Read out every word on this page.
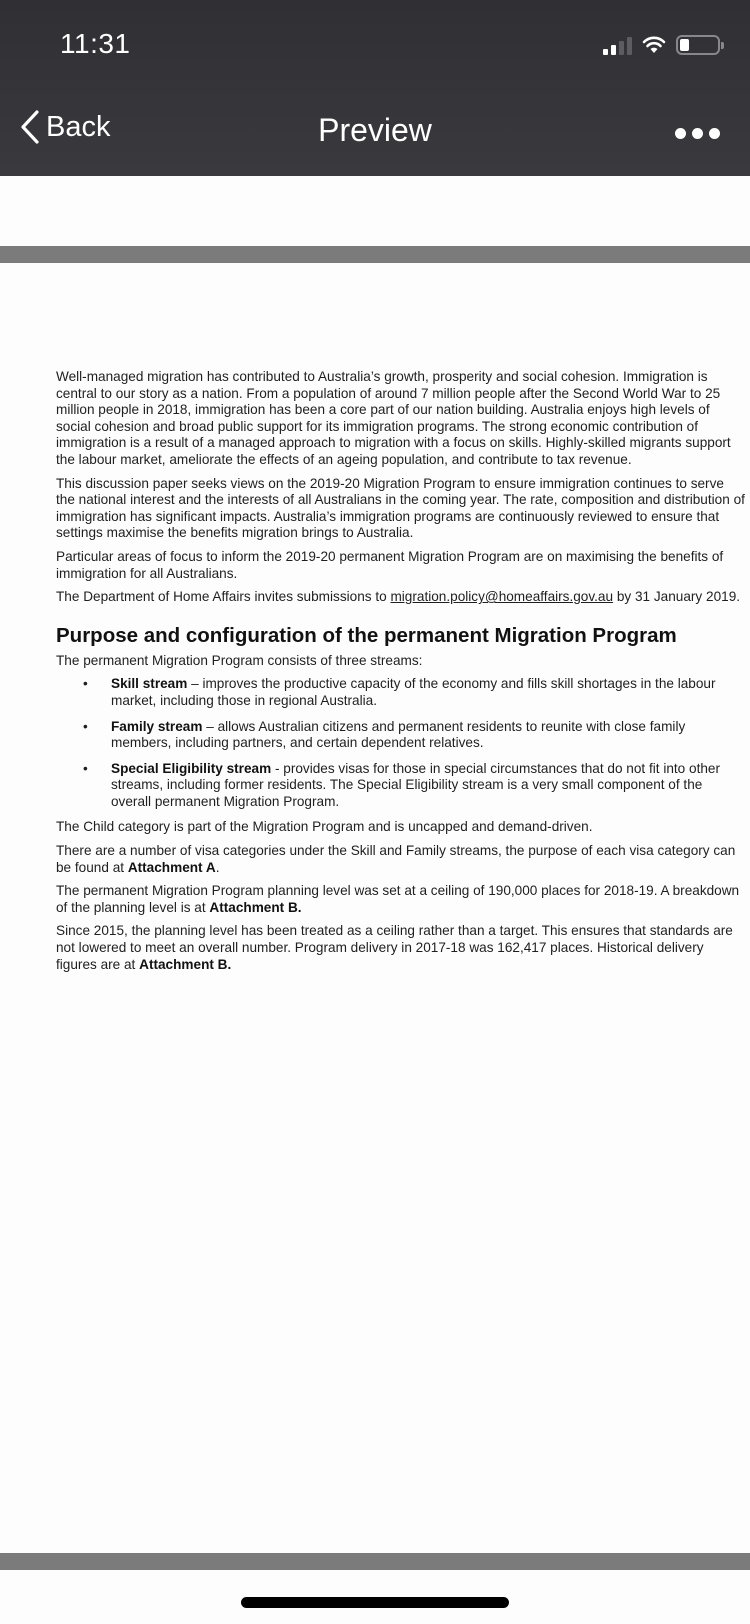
11:31
Back	Preview

Well-managed migration has contributed to Australia’s growth, prosperity and social cohesion. Immigration is central to our story as a nation. From a population of around 7 million people after the Second World War to 25 million people in 2018, immigration has been a core part of our nation building. Australia enjoys high levels of social cohesion and broad public support for its immigration programs. The strong economic contribution of immigration is a result of a managed approach to migration with a focus on skills. Highly-skilled migrants support the labour market, ameliorate the effects of an ageing population, and contribute to tax revenue.

This discussion paper seeks views on the 2019-20 Migration Program to ensure immigration continues to serve the national interest and the interests of all Australians in the coming year. The rate, composition and distribution of immigration has significant impacts. Australia’s immigration programs are continuously reviewed to ensure that settings maximise the benefits migration brings to Australia.

Particular areas of focus to inform the 2019-20 permanent Migration Program are on maximising the benefits of immigration for all Australians.

The Department of Home Affairs invites submissions to migration.policy@homeaffairs.gov.au by 31 January 2019.

Purpose and configuration of the permanent Migration Program

The permanent Migration Program consists of three streams:

• Skill stream – improves the productive capacity of the economy and fills skill shortages in the labour market, including those in regional Australia.
• Family stream – allows Australian citizens and permanent residents to reunite with close family members, including partners, and certain dependent relatives.
• Special Eligibility stream - provides visas for those in special circumstances that do not fit into other streams, including former residents. The Special Eligibility stream is a very small component of the overall permanent Migration Program.

The Child category is part of the Migration Program and is uncapped and demand-driven.

There are a number of visa categories under the Skill and Family streams, the purpose of each visa category can be found at Attachment A.

The permanent Migration Program planning level was set at a ceiling of 190,000 places for 2018-19. A breakdown of the planning level is at Attachment B.

Since 2015, the planning level has been treated as a ceiling rather than a target. This ensures that standards are not lowered to meet an overall number. Program delivery in 2017-18 was 162,417 places. Historical delivery figures are at Attachment B.
